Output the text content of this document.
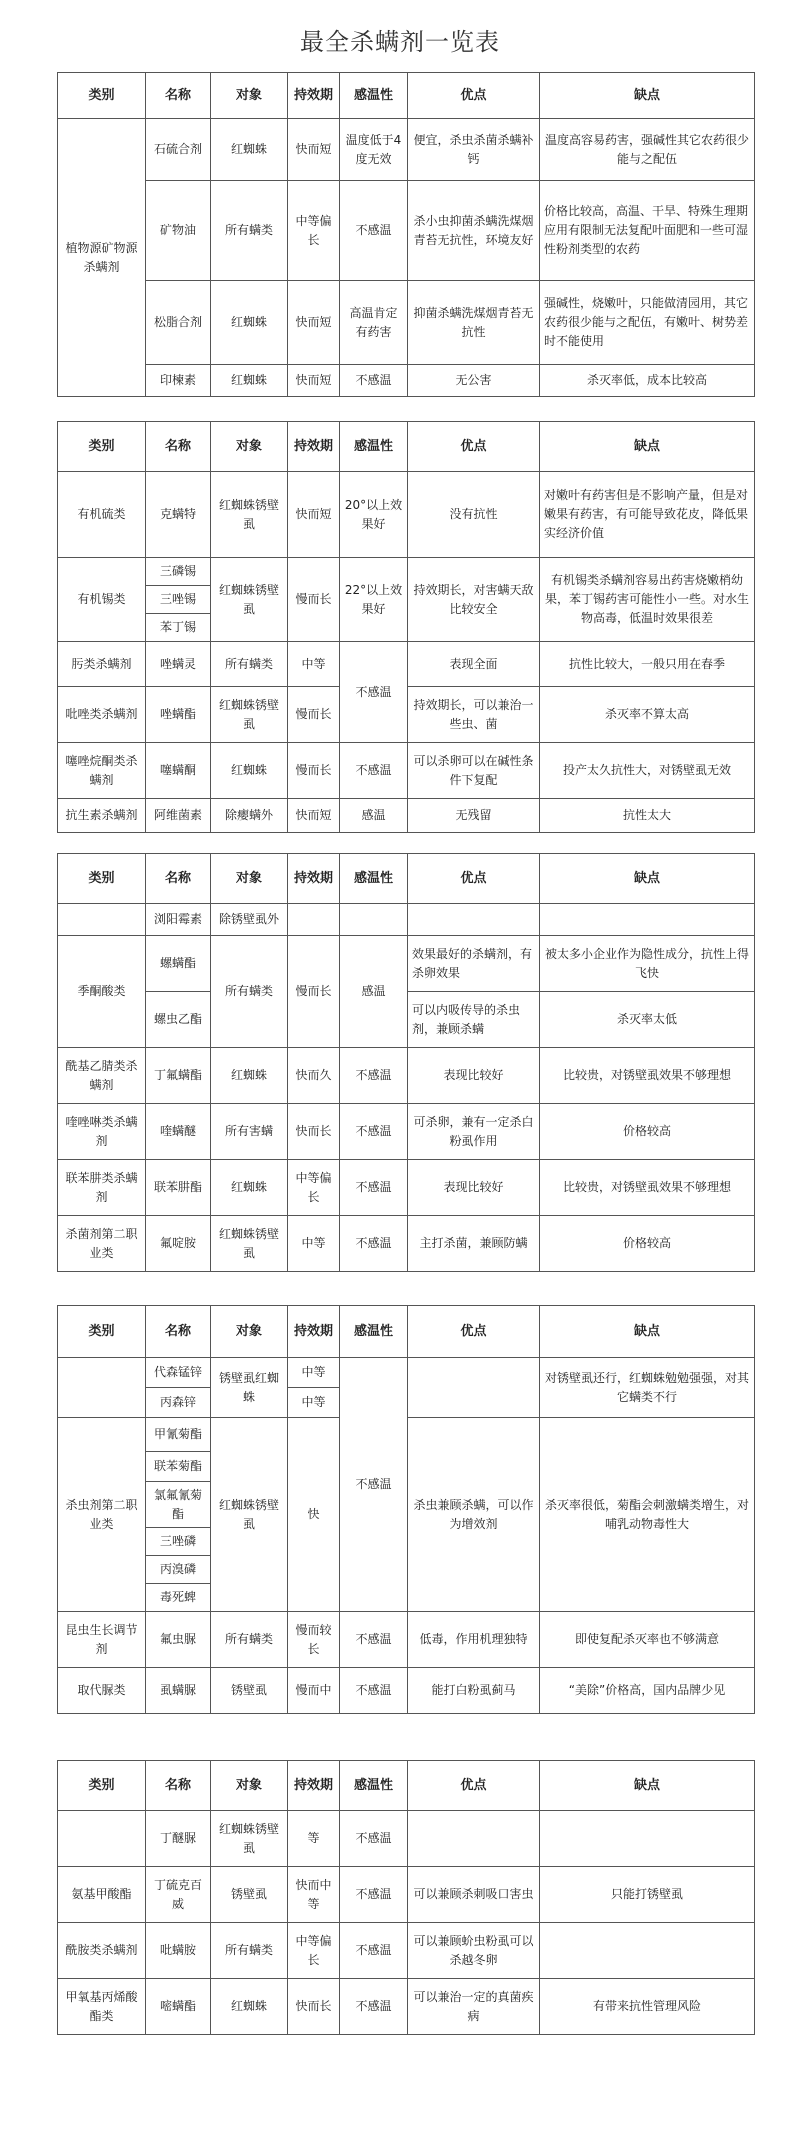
最全杀螨剂一览表
类别	名称	对象	持效期	感温性	优点	缺点
植物源矿物源杀螨剂	石硫合剂	红蜘蛛	快而短	温度低于4度无效	便宜，杀虫杀菌杀螨补钙	温度高容易药害，强碱性其它农药很少能与之配伍
	矿物油	所有螨类	中等偏长	不感温	杀小虫抑菌杀螨洗煤烟青苔无抗性，环境友好	价格比较高，高温、干旱、特殊生理期应用有限制无法复配叶面肥和一些可湿性粉剂类型的农药
	松脂合剂	红蜘蛛	快而短	高温肯定有药害	抑菌杀螨洗煤烟青苔无抗性	强碱性，烧嫩叶，只能做清园用，其它农药很少能与之配伍，有嫩叶、树势差时不能使用
	印楝素	红蜘蛛	快而短	不感温	无公害	杀灭率低，成本比较高
类别	名称	对象	持效期	感温性	优点	缺点
有机硫类	克螨特	红蜘蛛锈壁虱	快而短	20°以上效果好	没有抗性	对嫩叶有药害但是不影响产量，但是对嫩果有药害，有可能导致花皮，降低果实经济价值
有机锡类	三磷锡	红蜘蛛锈壁虱	慢而长	22°以上效果好	持效期长，对害螨天敌比较安全	有机锡类杀螨剂容易出药害烧嫩梢幼果，苯丁锡药害可能性小一些。对水生物高毒，低温时效果很差
	三唑锡					
	苯丁锡					
肟类杀螨剂	唑螨灵	所有螨类	中等	不感温	表现全面	抗性比较大，一般只用在春季
吡唑类杀螨剂	唑螨酯	红蜘蛛锈壁虱	慢而长		持效期长，可以兼治一些虫、菌	杀灭率不算太高
噻唑烷酮类杀螨剂	噻螨酮	红蜘蛛	慢而长	不感温	可以杀卵可以在碱性条件下复配	投产太久抗性大，对锈壁虱无效
抗生素杀螨剂	阿维菌素	除瘿螨外	快而短	感温	无残留	抗性太大
类别	名称	对象	持效期	感温性	优点	缺点
	浏阳霉素	除锈壁虱外				
季酮酸类	螺螨酯	所有螨类	慢而长	感温	效果最好的杀螨剂，有杀卵效果	被太多小企业作为隐性成分，抗性上得飞快
	螺虫乙酯				可以内吸传导的杀虫剂，兼顾杀螨	杀灭率太低
酰基乙腈类杀螨剂	丁氟螨酯	红蜘蛛	快而久	不感温	表现比较好	比较贵，对锈壁虱效果不够理想
喹唑啉类杀螨剂	喹螨醚	所有害螨	快而长	不感温	可杀卵，兼有一定杀白粉虱作用	价格较高
联苯肼类杀螨剂	联苯肼酯	红蜘蛛	中等偏长	不感温	表现比较好	比较贵，对锈壁虱效果不够理想
杀菌剂第二职业类	氟啶胺	红蜘蛛锈壁虱	中等	不感温	主打杀菌，兼顾防螨	价格较高
类别	名称	对象	持效期	感温性	优点	缺点
	代森锰锌	锈壁虱红蜘蛛	中等	不感温		对锈壁虱还行，红蜘蛛勉勉强强，对其它螨类不行
	丙森锌		中等			
杀虫剂第二职业类	甲氰菊酯	红蜘蛛锈壁虱	快		杀虫兼顾杀螨，可以作为增效剂	杀灭率很低，菊酯会刺激螨类增生，对哺乳动物毒性大
	联苯菊酯					
	氯氟氰菊酯					
	三唑磷					
	丙溴磷					
	毒死蜱					
昆虫生长调节剂	氟虫脲	所有螨类	慢而较长	不感温	低毒，作用机理独特	即使复配杀灭率也不够满意
取代脲类	虱螨脲	锈壁虱	慢而中	不感温	能打白粉虱蓟马	“美除”价格高，国内品牌少见
类别	名称	对象	持效期	感温性	优点	缺点
	丁醚脲	红蜘蛛锈壁虱	等	不感温		
氨基甲酸酯	丁硫克百威	锈壁虱	快而中等	不感温	可以兼顾杀刺吸口害虫	只能打锈壁虱
酰胺类杀螨剂	吡螨胺	所有螨类	中等偏长	不感温	可以兼顾蚧虫粉虱可以杀越冬卵	
甲氧基丙烯酸酯类	嘧螨酯	红蜘蛛	快而长	不感温	可以兼治一定的真菌疾病	有带来抗性管理风险
